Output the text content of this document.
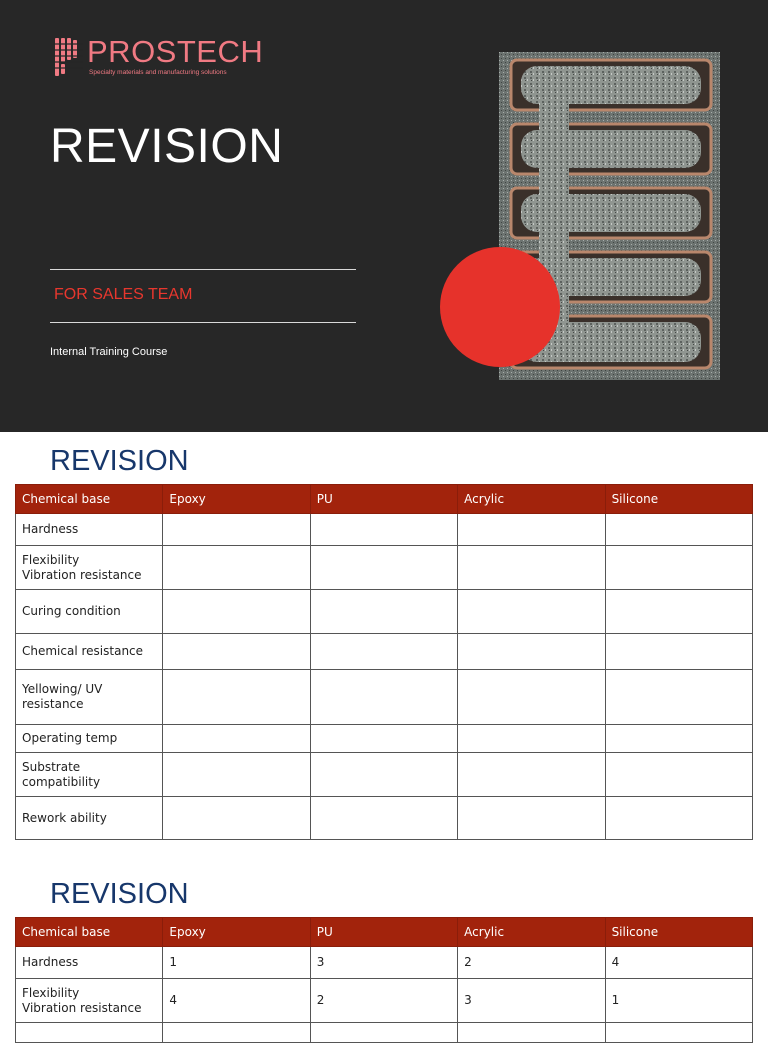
PROSTECH
Specialty materials and manufacturing solutions
REVISION
FOR SALES TEAM
Internal Training Course
REVISION
Chemical base	Epoxy	PU	Acrylic	Silicone
Hardness				
Flexibility
Vibration resistance				
Curing condition				
Chemical resistance				
Yellowing/ UV resistance				
Operating temp				
Substrate compatibility				
Rework ability				
REVISION
Chemical base	Epoxy	PU	Acrylic	Silicone
Hardness	1	3	2	4
Flexibility
Vibration resistance	4	2	3	1
